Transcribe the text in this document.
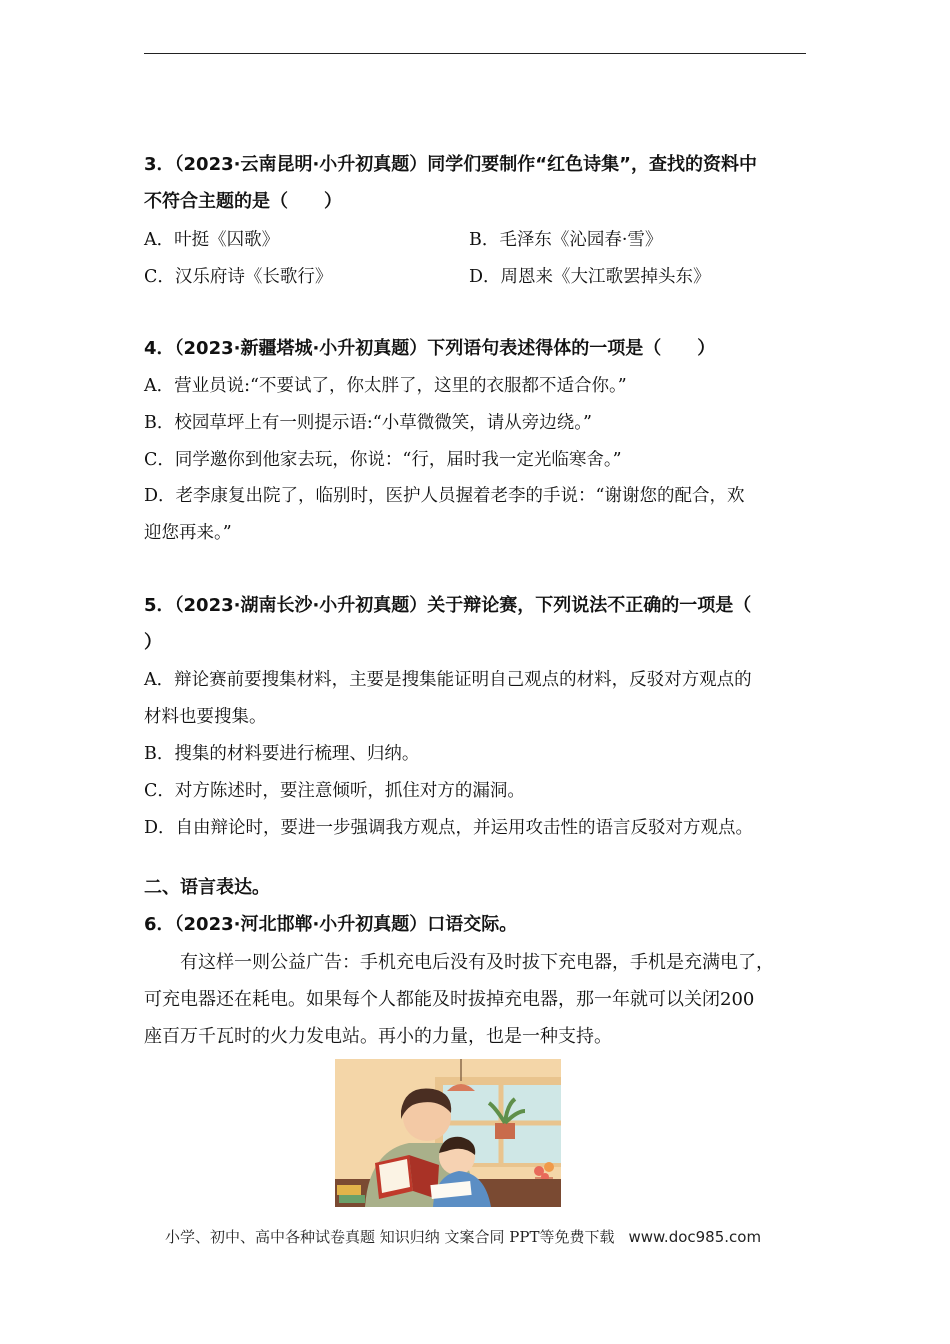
3．（2023·云南昆明·小升初真题）同学们要制作“红色诗集”，查找的资料中
不符合主题的是（　　）
A．叶挺《囚歌》	B．毛泽东《沁园春·雪》
C．汉乐府诗《长歌行》	D．周恩来《大江歌罢掉头东》
4．（2023·新疆塔城·小升初真题）下列语句表述得体的一项是（　　）
A．营业员说:“不要试了，你太胖了，这里的衣服都不适合你。”
B．校园草坪上有一则提示语:“小草微微笑，请从旁边绕。”
C．同学邀你到他家去玩，你说：“行，届时我一定光临寒舍。”
D．老李康复出院了，临别时，医护人员握着老李的手说：“谢谢您的配合，欢
迎您再来。”
5．（2023·湖南长沙·小升初真题）关于辩论赛，下列说法不正确的一项是（
）
A．辩论赛前要搜集材料，主要是搜集能证明自己观点的材料，反驳对方观点的
材料也要搜集。
B．搜集的材料要进行梳理、归纳。
C．对方陈述时，要注意倾听，抓住对方的漏洞。
D．自由辩论时，要进一步强调我方观点，并运用攻击性的语言反驳对方观点。
二、语言表达。
6．（2023·河北邯郸·小升初真题）口语交际。
　　有这样一则公益广告：手机充电后没有及时拔下充电器，手机是充满电了，
可充电器还在耗电。如果每个人都能及时拔掉充电器，那一年就可以关闭200
座百万千瓦时的火力发电站。再小的力量，也是一种支持。
小学、初中、高中各种试卷真题 知识归纳 文案合同 PPT等免费下载 www.doc985.com
